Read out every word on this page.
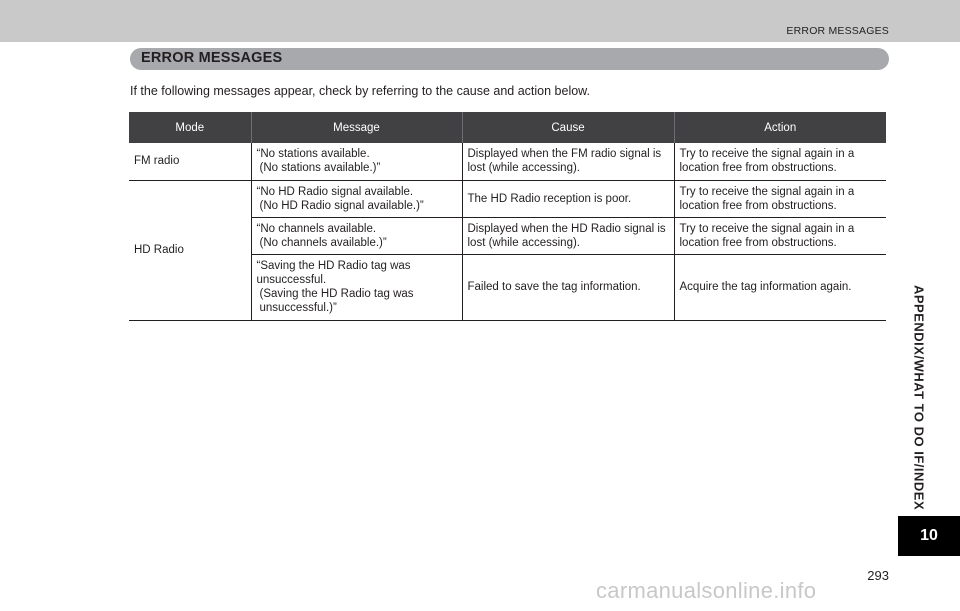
ERROR MESSAGES
ERROR MESSAGES
If the following messages appear, check by referring to the cause and action below.
Mode	Message	Cause	Action
FM radio	“No stations available.
(No stations available.)”	Displayed when the FM radio signal is lost (while accessing).	Try to receive the signal again in a location free from obstructions.
HD Radio	“No HD Radio signal available.
(No HD Radio signal available.)”	The HD Radio reception is poor.	Try to receive the signal again in a location free from obstructions.
	“No channels available.
(No channels available.)”	Displayed when the HD Radio signal is lost (while accessing).	Try to receive the signal again in a location free from obstructions.
	“Saving the HD Radio tag was unsuccessful.
(Saving the HD Radio tag was unsuccessful.)”	Failed to save the tag information.	Acquire the tag information again.	APPENDIX/WHAT TO DO IF/INDEX
10
293
carmanualsonline.info
